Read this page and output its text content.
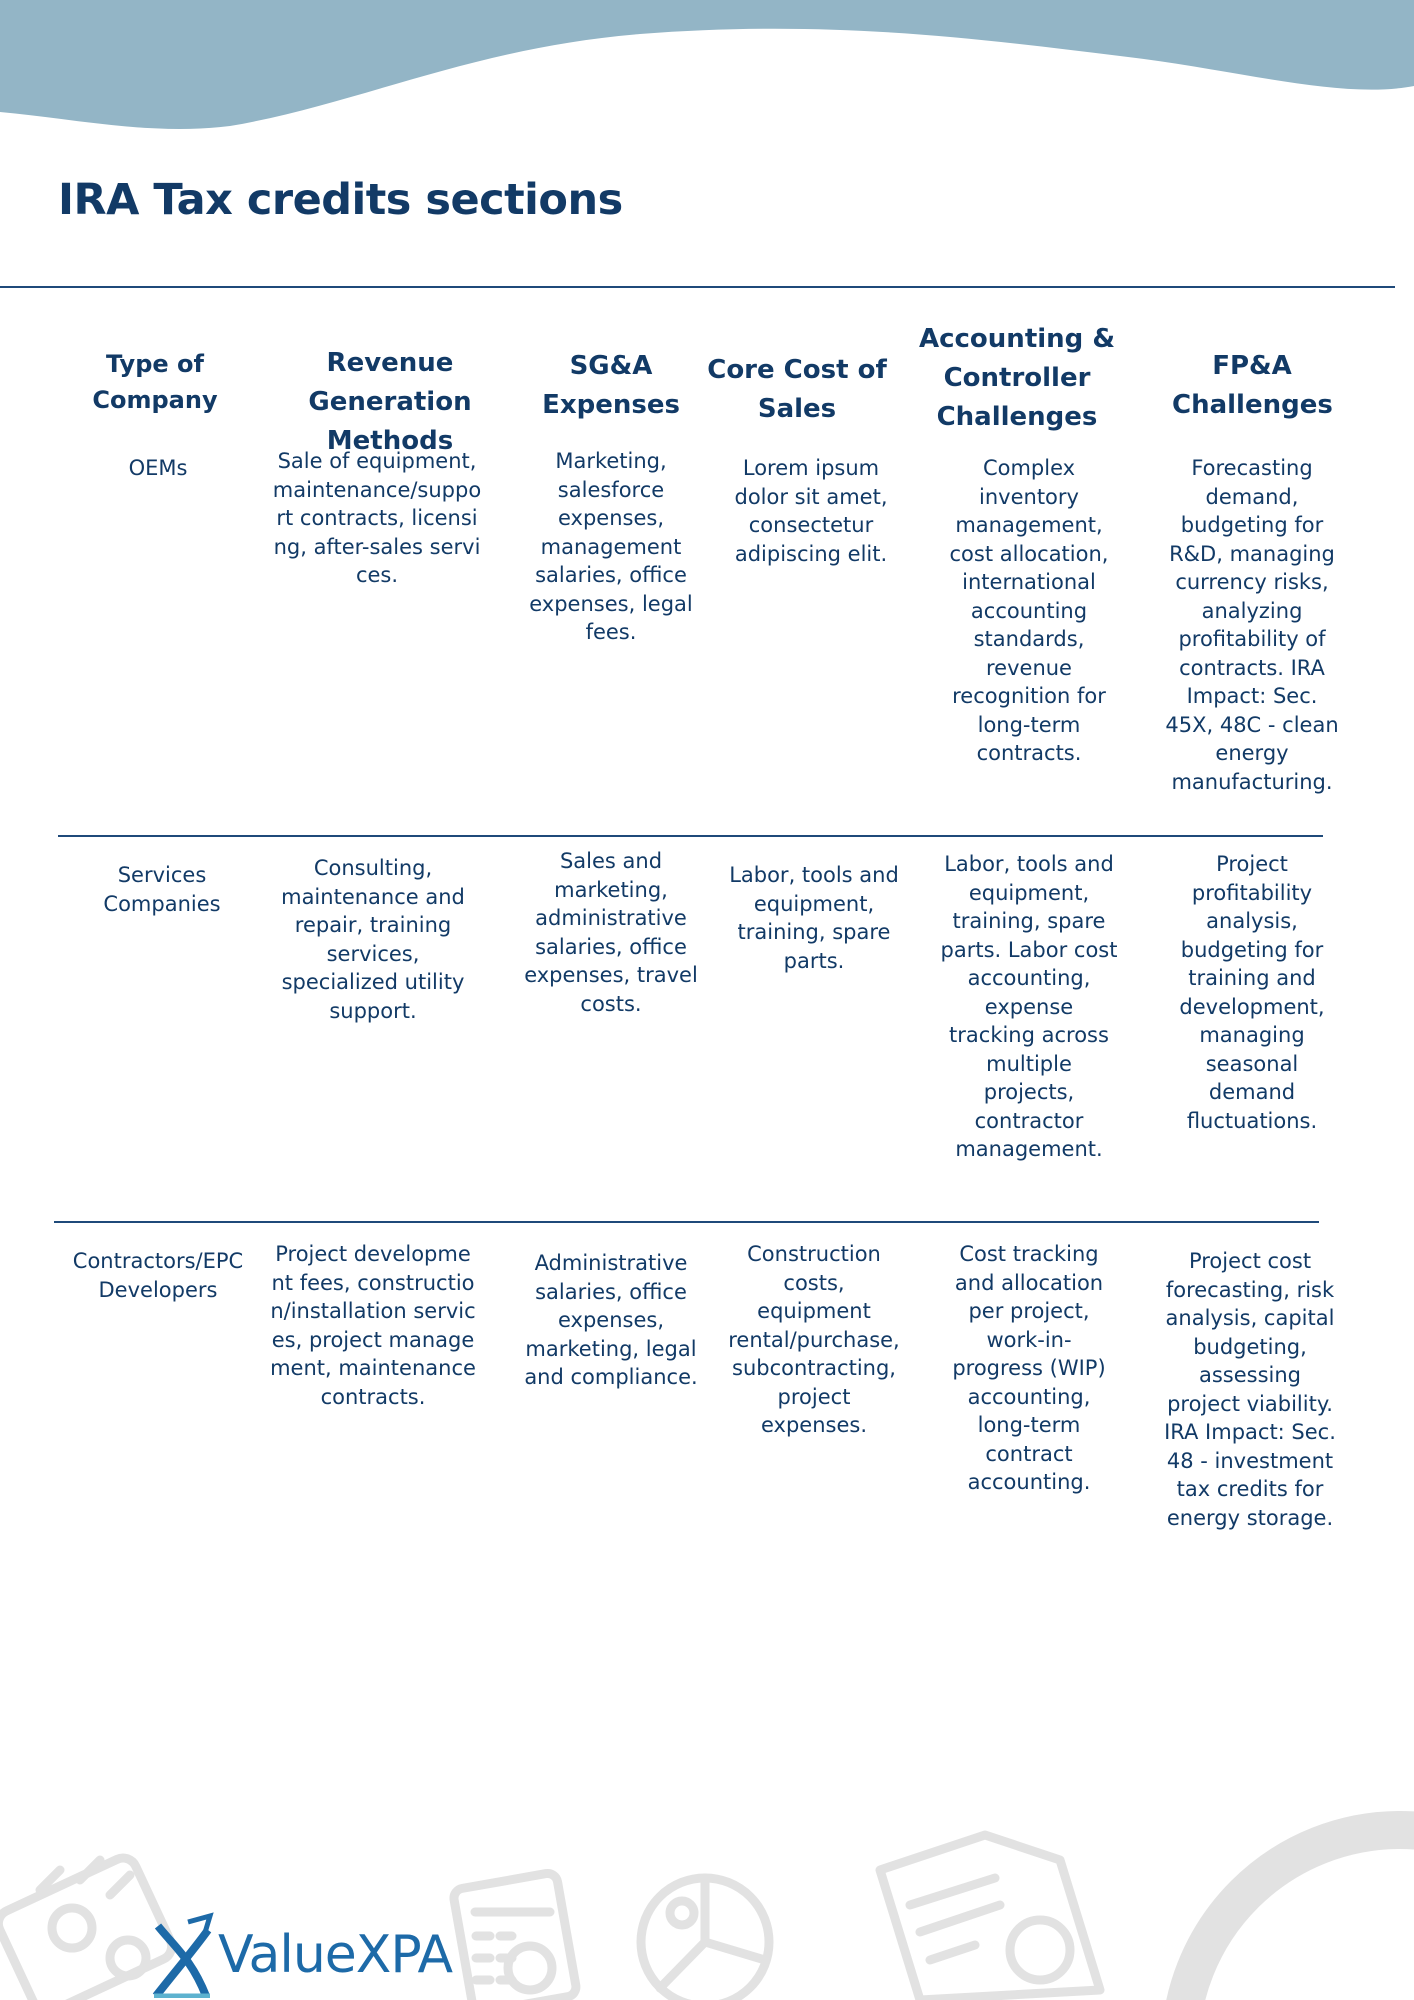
IRA Tax credits sections
Type of Company
Revenue Generation Methods
SG&A Expenses
Core Cost of Sales
Accounting & Controller Challenges
FP&A Challenges
OEMs	Sale of equipment, maintenance/support contracts, licensing, after-sales services.
Marketing, salesforce expenses, management salaries, office expenses, legal fees.
Lorem ipsum dolor sit amet, consectetur adipiscing elit.
Complex inventory management, cost allocation, international accounting standards, revenue recognition for long-term contracts.
Forecasting demand, budgeting for R&D, managing currency risks, analyzing profitability of contracts. IRA Impact: Sec. 45X, 48C - clean energy manufacturing.
Services Companies
Consulting, maintenance and repair, training services, specialized utility support.
Sales and marketing, administrative salaries, office expenses, travel costs.
Labor, tools and equipment, training, spare parts.
Labor, tools and equipment, training, spare parts. Labor cost accounting, expense tracking across multiple projects, contractor management.
Project profitability analysis, budgeting for training and development, managing seasonal demand fluctuations.
Contractors/EPC Developers
Project development fees, construction/installation services, project management, maintenance contracts.
Administrative salaries, office expenses, marketing, legal and compliance.
Construction costs, equipment rental/purchase, subcontracting, project expenses.
Cost tracking and allocation per project, work-in-progress (WIP) accounting, long-term contract accounting.
Project cost forecasting, risk analysis, capital budgeting, assessing project viability. IRA Impact: Sec. 48 - investment tax credits for energy storage.
ValueXPA
